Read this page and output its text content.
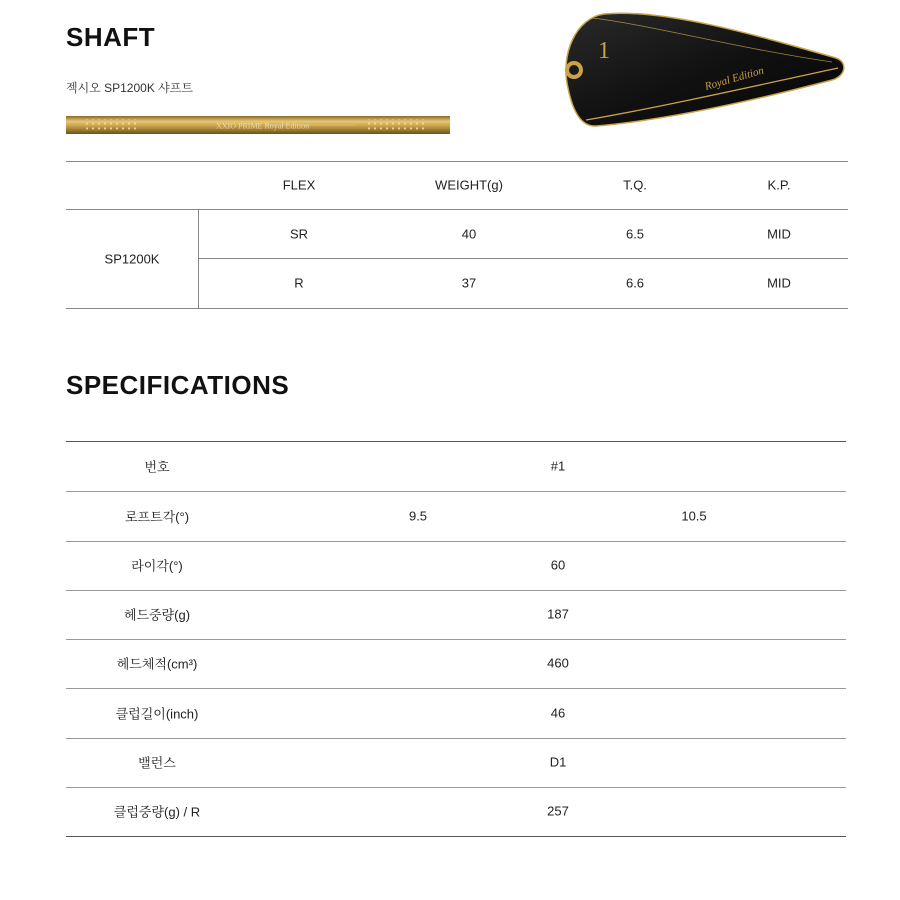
SHAFT
젝시오 SP1200K 샤프트
XXIO PRIME Royal Edition
1
Royal Edition
FLEX	WEIGHT(g)	T.Q.	K.P.
SP1200K
SR	40	6.5	MID
R	37	6.6	MID
SPECIFICATIONS
번호	#1
로프트각(°)	9.5	10.5
라이각(°)	60
헤드중량(g)	187
헤드체적(cm³)	460
클럽길이(inch)	46
밸런스	D1
클럽중량(g) / R	257
